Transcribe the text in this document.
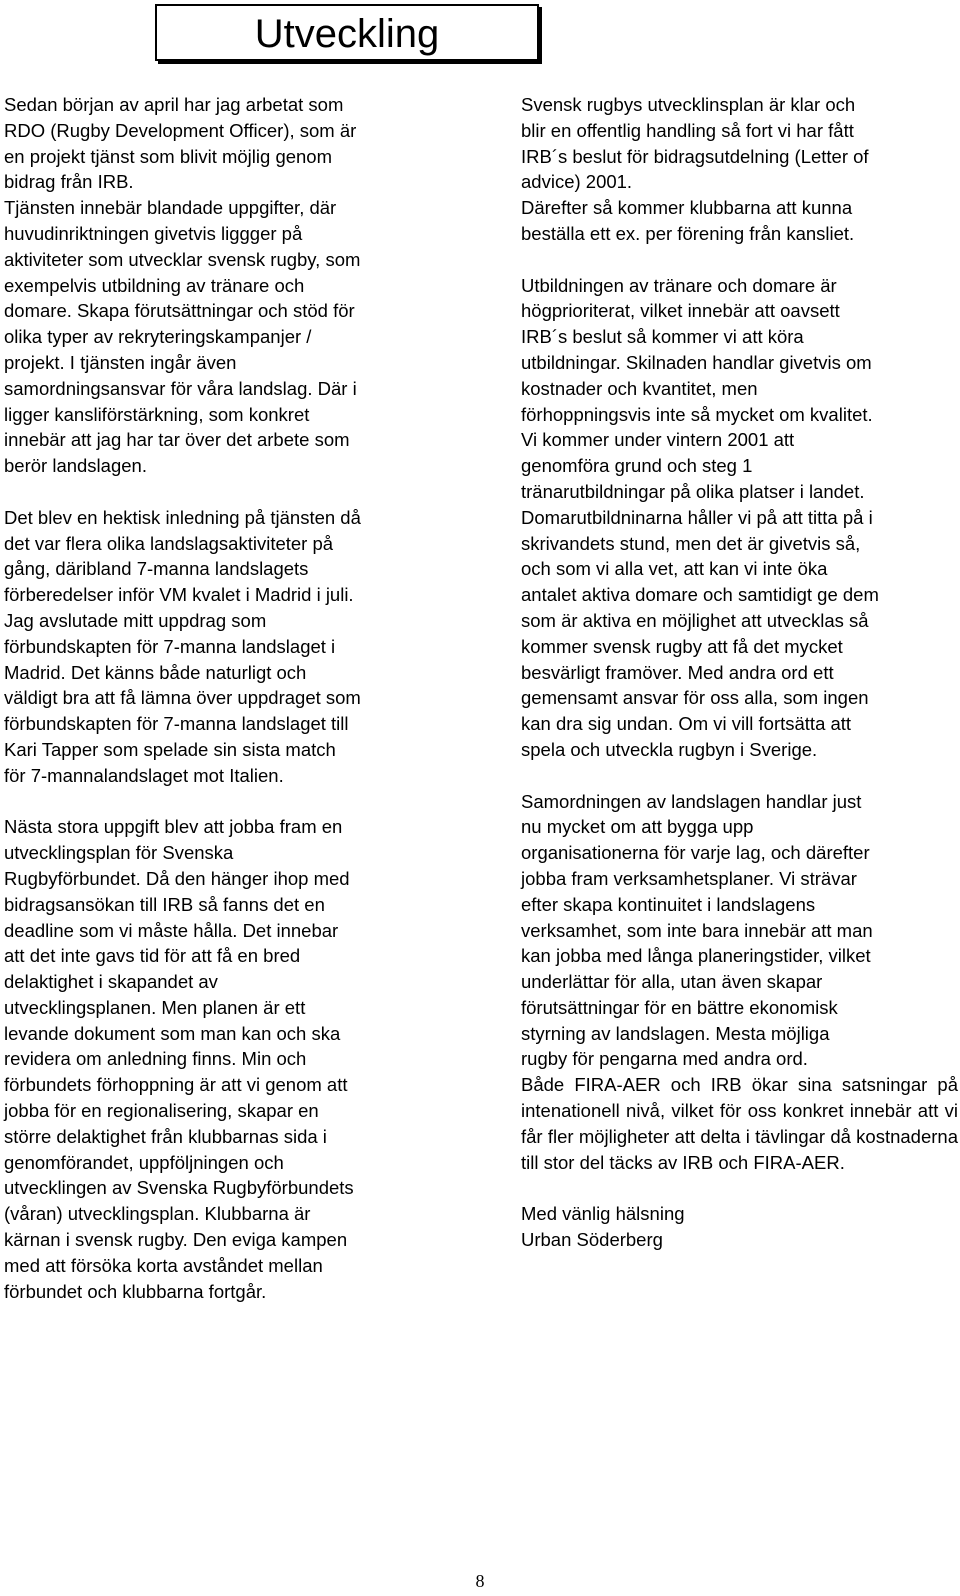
Utveckling

Sedan början av april har jag arbetat som
RDO (Rugby Development Officer), som är
en projekt tjänst som blivit möjlig genom
bidrag från IRB.
Tjänsten innebär blandade uppgifter, där
huvudinriktningen givetvis liggger på
aktiviteter som utvecklar svensk rugby, som
exempelvis utbildning av tränare och
domare. Skapa förutsättningar och stöd för
olika typer av rekryteringskampanjer /
projekt. I tjänsten ingår även
samordningsansvar för våra landslag. Där i
ligger kansliförstärkning, som konkret
innebär att jag har tar över det arbete som
berör landslagen.

Det blev en hektisk inledning på tjänsten då
det var flera olika landslagsaktiviteter på
gång, däribland 7-manna landslagets
förberedelser inför VM kvalet i Madrid i juli.
Jag avslutade mitt uppdrag som
förbundskapten för 7-manna landslaget i
Madrid. Det känns både naturligt och
väldigt bra att få lämna över uppdraget som
förbundskapten för 7-manna landslaget till
Kari Tapper som spelade sin sista match
för 7-mannalandslaget mot Italien.

Nästa stora uppgift blev att jobba fram en
utvecklingsplan för Svenska
Rugbyförbundet. Då den hänger ihop med
bidragsansökan till IRB så fanns det en
deadline som vi måste hålla. Det innebar
att det inte gavs tid för att få en bred
delaktighet i skapandet av
utvecklingsplanen. Men planen är ett
levande dokument som man kan och ska
revidera om anledning finns. Min och
förbundets förhoppning är att vi genom att
jobba för en regionalisering, skapar en
större delaktighet från klubbarnas sida i
genomförandet, uppföljningen och
utvecklingen av Svenska Rugbyförbundets
(våran) utvecklingsplan. Klubbarna är
kärnan i svensk rugby. Den eviga kampen
med att försöka korta avståndet mellan
förbundet och klubbarna fortgår.

Svensk rugbys utvecklinsplan är klar och
blir en offentlig handling så fort vi har fått
IRB´s beslut för bidragsutdelning (Letter of
advice) 2001.
Därefter så kommer klubbarna att kunna
beställa ett ex. per förening från kansliet.

Utbildningen av tränare och domare är
högprioriterat, vilket innebär att oavsett
IRB´s beslut så kommer vi att köra
utbildningar. Skilnaden handlar givetvis om
kostnader och kvantitet, men
förhoppningsvis inte så mycket om kvalitet.
Vi kommer under vintern 2001 att
genomföra grund och steg 1
tränarutbildningar på olika platser i landet.
Domarutbildninarna håller vi på att titta på i
skrivandets stund, men det är givetvis så,
och som vi alla vet, att kan vi inte öka
antalet aktiva domare och samtidigt ge dem
som är aktiva en möjlighet att utvecklas så
kommer svensk rugby att få det mycket
besvärligt framöver. Med andra ord ett
gemensamt ansvar för oss alla, som ingen
kan dra sig undan. Om vi vill fortsätta att
spela och utveckla rugbyn i Sverige.

Samordningen av landslagen handlar just
nu mycket om att bygga upp
organisationerna för varje lag, och därefter
jobba fram verksamhetsplaner. Vi strävar
efter skapa kontinuitet i landslagens
verksamhet, som inte bara innebär att man
kan jobba med långa planeringstider, vilket
underlättar för alla, utan även skapar
förutsättningar för en bättre ekonomisk
styrning av landslagen. Mesta möjliga
rugby för pengarna med andra ord.

Både FIRA-AER och IRB ökar sina satsningar på intenationell nivå, vilket för oss konkret innebär att vi får fler möjligheter att delta i tävlingar då kostnaderna till stor del täcks av IRB och FIRA-AER.

Med vänlig hälsning
Urban Söderberg

8
